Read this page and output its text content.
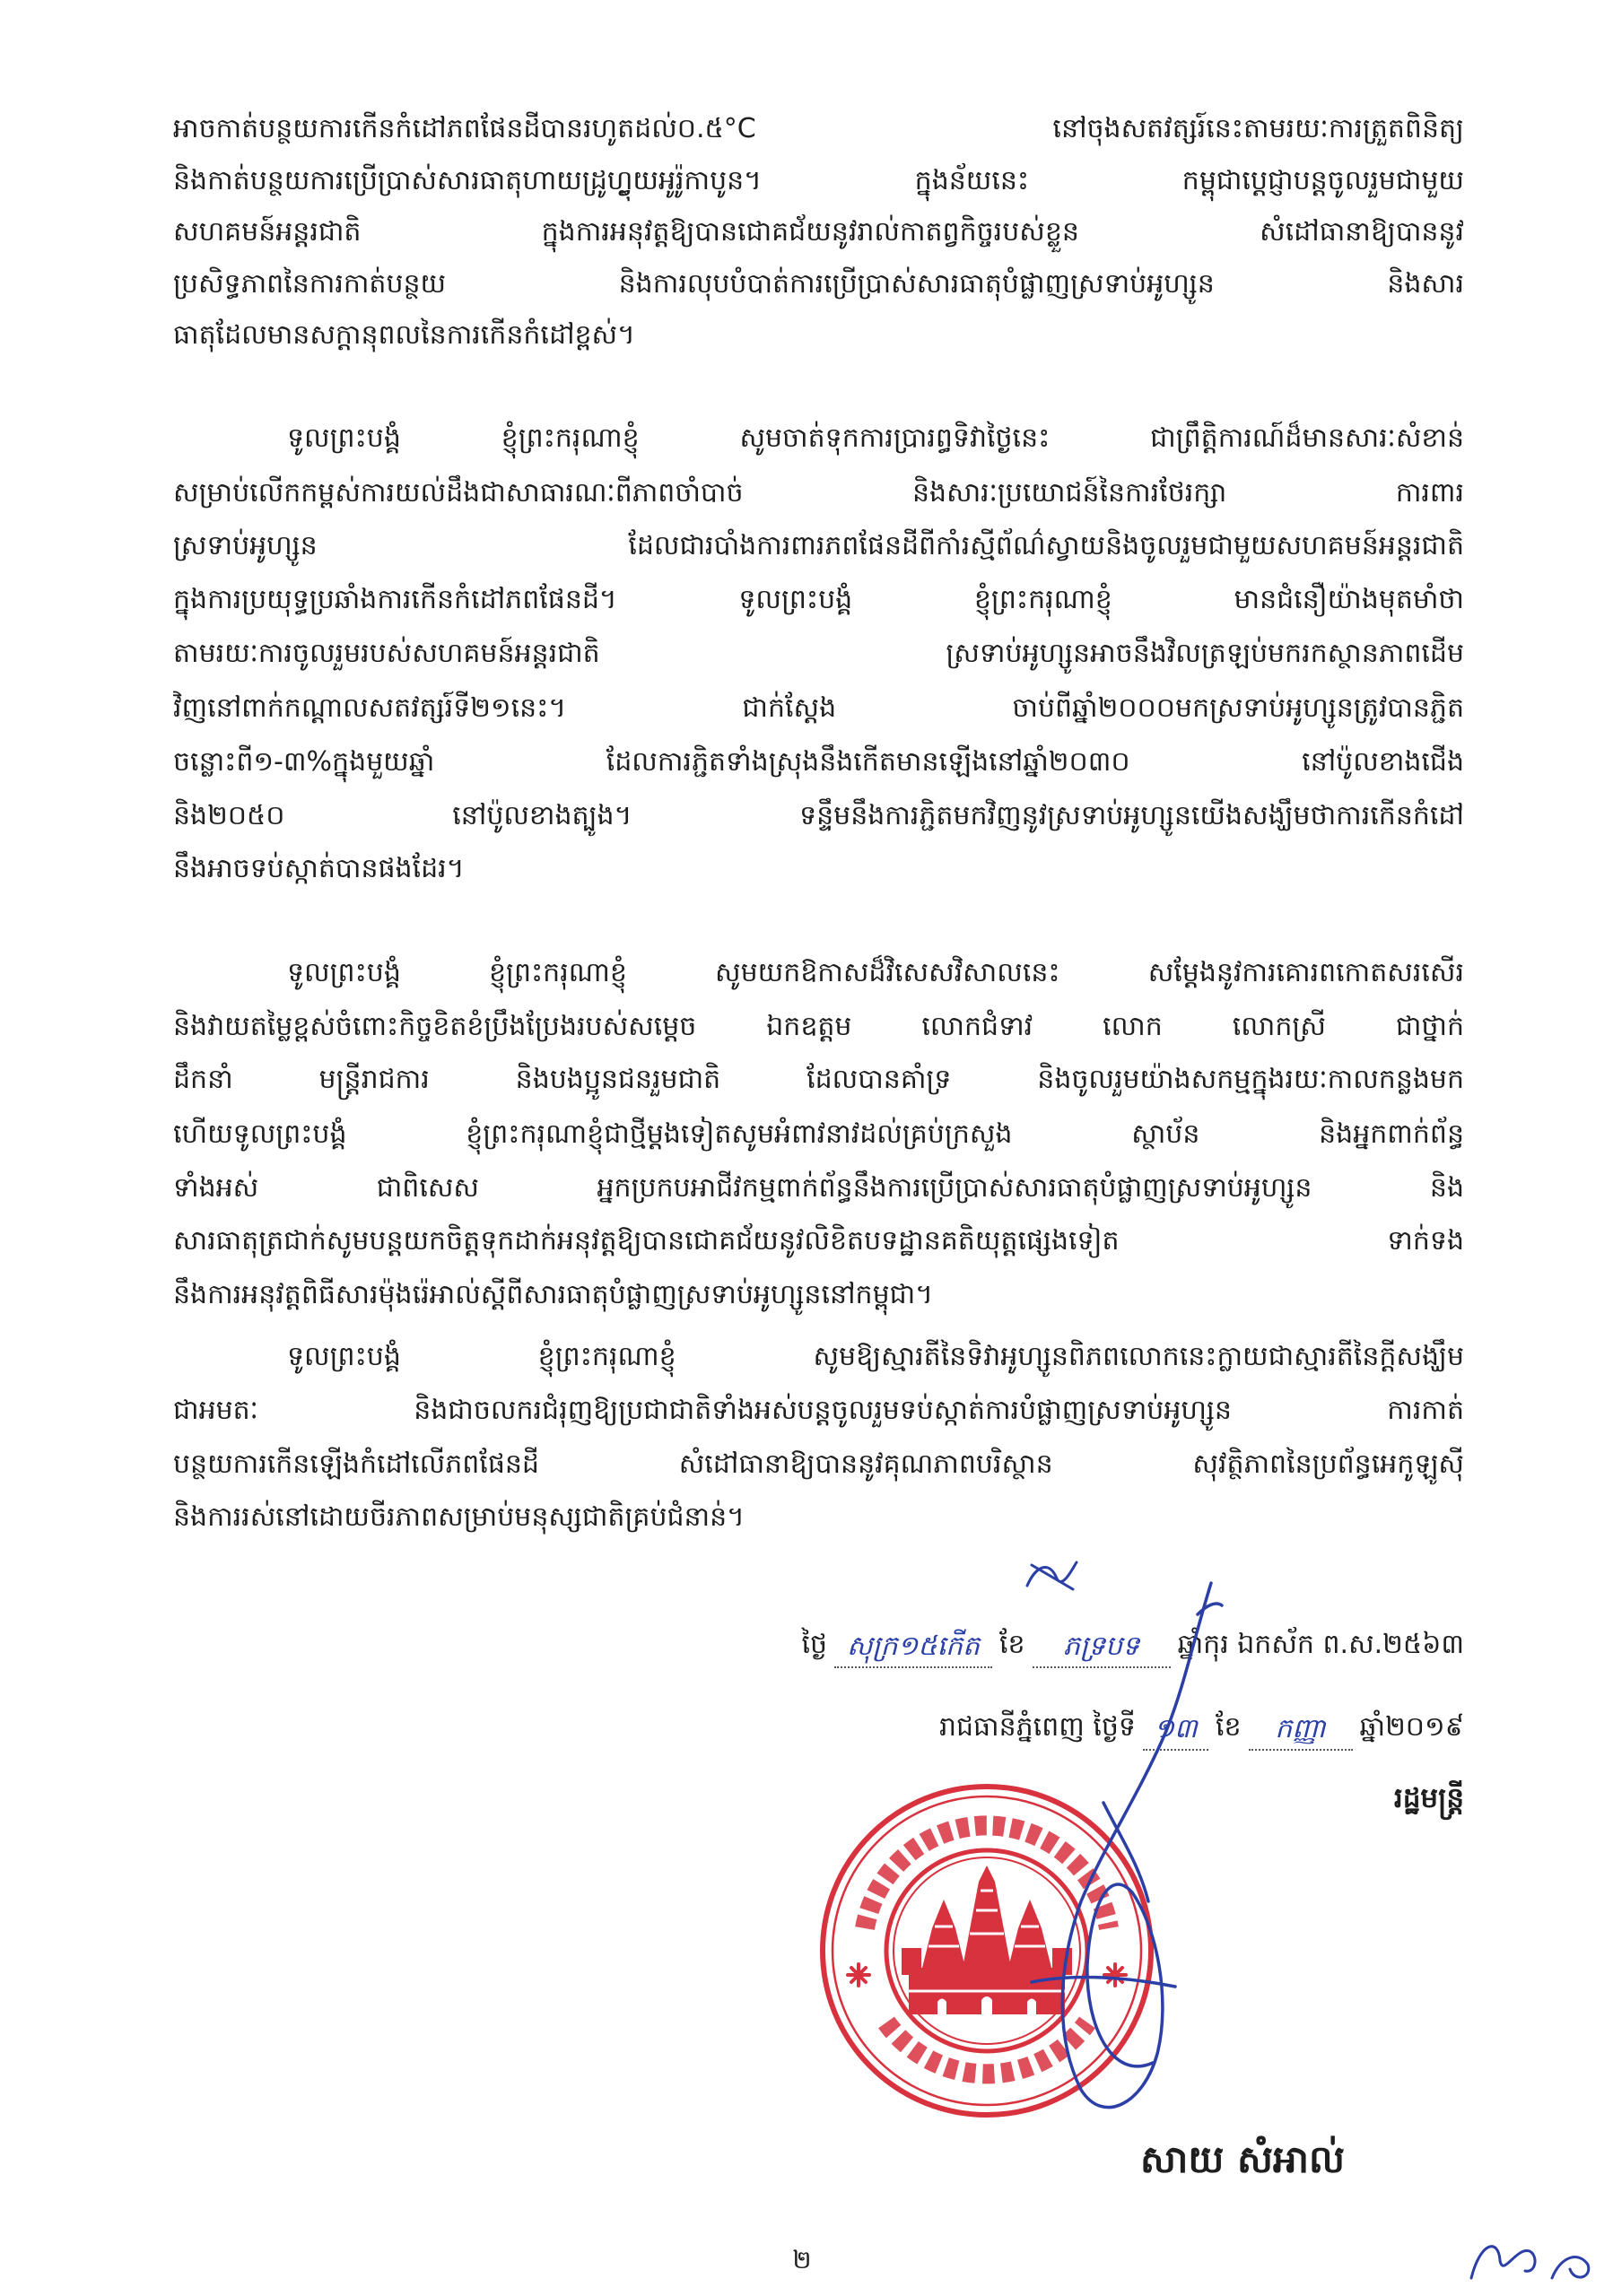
អាចកាត់បន្ថយការកើនកំដៅភពផែនដីបានរហូតដល់០.៥°C នៅចុងសតវត្សរ៍នេះតាមរយៈការត្រួតពិនិត្យ
និងកាត់បន្ថយការប្រើប្រាស់សារធាតុហាយដ្រូហ្វ្លុយអូរ៉ូកាបូន។ ក្នុងន័យនេះ កម្ពុជាប្តេជ្ញាបន្តចូលរួមជាមួយ
សហគមន៍អន្តរជាតិ ក្នុងការអនុវត្តឱ្យបានជោគជ័យនូវរាល់កាតព្វកិច្ចរបស់ខ្លួន សំដៅធានាឱ្យបាននូវ
ប្រសិទ្ធភាពនៃការកាត់បន្ថយ និងការលុបបំបាត់ការប្រើប្រាស់សារធាតុបំផ្លាញស្រទាប់អូហ្សូន និងសារ
ធាតុដែលមានសក្តានុពលនៃការកើនកំដៅខ្ពស់។
ទូលព្រះបង្គំ ខ្ញុំព្រះករុណាខ្ញុំ សូមចាត់ទុកការប្រារព្ធទិវាថ្ងៃនេះ ជាព្រឹត្តិការណ៍ដ៏មានសារៈសំខាន់
សម្រាប់លើកកម្ពស់ការយល់ដឹងជាសាធារណៈពីភាពចាំបាច់ និងសារៈប្រយោជន៍នៃការថែរក្សា ការពារ
ស្រទាប់អូហ្សូន ដែលជារបាំងការពារភពផែនដីពីកាំរស្មីព័ណ៌ស្វាយនិងចូលរួមជាមួយសហគមន៍អន្តរជាតិ
ក្នុងការប្រយុទ្ធប្រឆាំងការកើនកំដៅភពផែនដី។ ទូលព្រះបង្គំ ខ្ញុំព្រះករុណាខ្ញុំ មានជំនឿយ៉ាងមុតមាំថា
តាមរយៈការចូលរួមរបស់សហគមន៍អន្តរជាតិ ស្រទាប់អូហ្សូនអាចនឹងវិលត្រឡប់មករកស្ថានភាពដើម
វិញនៅពាក់កណ្តាលសតវត្សរ៍ទី២១នេះ។ ជាក់ស្តែង ចាប់ពីឆ្នាំ២០០០មកស្រទាប់អូហ្សូនត្រូវបានភ្ជិត
ចន្លោះពី១-៣%ក្នុងមួយឆ្នាំ ដែលការភ្ជិតទាំងស្រុងនឹងកើតមានឡើងនៅឆ្នាំ២០៣០ នៅប៉ូលខាងជើង
និង២០៥០ នៅប៉ូលខាងត្បូង។ ទន្ទឹមនឹងការភ្ជិតមកវិញនូវស្រទាប់អូហ្សូនយើងសង្ឃឹមថាការកើនកំដៅ
នឹងអាចទប់ស្កាត់បានផងដែរ។
ទូលព្រះបង្គំ ខ្ញុំព្រះករុណាខ្ញុំ សូមយកឱកាសដ៏វិសេសវិសាលនេះ សម្តែងនូវការគោរពកោតសរសើរ
និងវាយតម្លៃខ្ពស់ចំពោះកិច្ចខិតខំប្រឹងប្រែងរបស់សម្តេច ឯកឧត្តម លោកជំទាវ លោក លោកស្រី ជាថ្នាក់
ដឹកនាំ មន្ត្រីរាជការ និងបងប្អូនជនរួមជាតិ ដែលបានគាំទ្រ និងចូលរួមយ៉ាងសកម្មក្នុងរយៈកាលកន្លងមក
ហើយទូលព្រះបង្គំ ខ្ញុំព្រះករុណាខ្ញុំជាថ្មីម្តងទៀតសូមអំពាវនាវដល់គ្រប់ក្រសួង ស្ថាប័ន និងអ្នកពាក់ព័ន្ធ
ទាំងអស់ ជាពិសេស អ្នកប្រកបអាជីវកម្មពាក់ព័ន្ធនឹងការប្រើប្រាស់សារធាតុបំផ្លាញស្រទាប់អូហ្សូន និង
សារធាតុត្រជាក់សូមបន្តយកចិត្តទុកដាក់អនុវត្តឱ្យបានជោគជ័យនូវលិខិតបទដ្ឋានគតិយុត្តផ្សេងទៀត ទាក់ទង
នឹងការអនុវត្តពិធីសារម៉ុងរ៉េអាល់ស្តីពីសារធាតុបំផ្លាញស្រទាប់អូហ្សូននៅកម្ពុជា។
ទូលព្រះបង្គំ ខ្ញុំព្រះករុណាខ្ញុំ សូមឱ្យស្មារតីនៃទិវាអូហ្សូនពិភពលោកនេះក្លាយជាស្មារតីនៃក្តីសង្ឃឹម
ជាអមតៈ និងជាចលករជំរុញឱ្យប្រជាជាតិទាំងអស់បន្តចូលរួមទប់ស្កាត់ការបំផ្លាញស្រទាប់អូហ្សូន ការកាត់
បន្ថយការកើនឡើងកំដៅលើភពផែនដី សំដៅធានាឱ្យបាននូវគុណភាពបរិស្ថាន សុវត្ថិភាពនៃប្រព័ន្ធអេកូឡូស៊ី
និងការរស់នៅដោយចីរភាពសម្រាប់មនុស្សជាតិគ្រប់ជំនាន់។
ថ្ងៃ សុក្រ១៥កើត ខែ	ភទ្របទ	ឆ្នាំកុរ ឯកស័ក ព.ស.២៥៦៣
រាជធានីភ្នំពេញ ថ្ងៃទី ១៣ ខែ	កញ្ញា	ឆ្នាំ២០១៩
រដ្ឋមន្ត្រី
សាយ សំអាល់
២
